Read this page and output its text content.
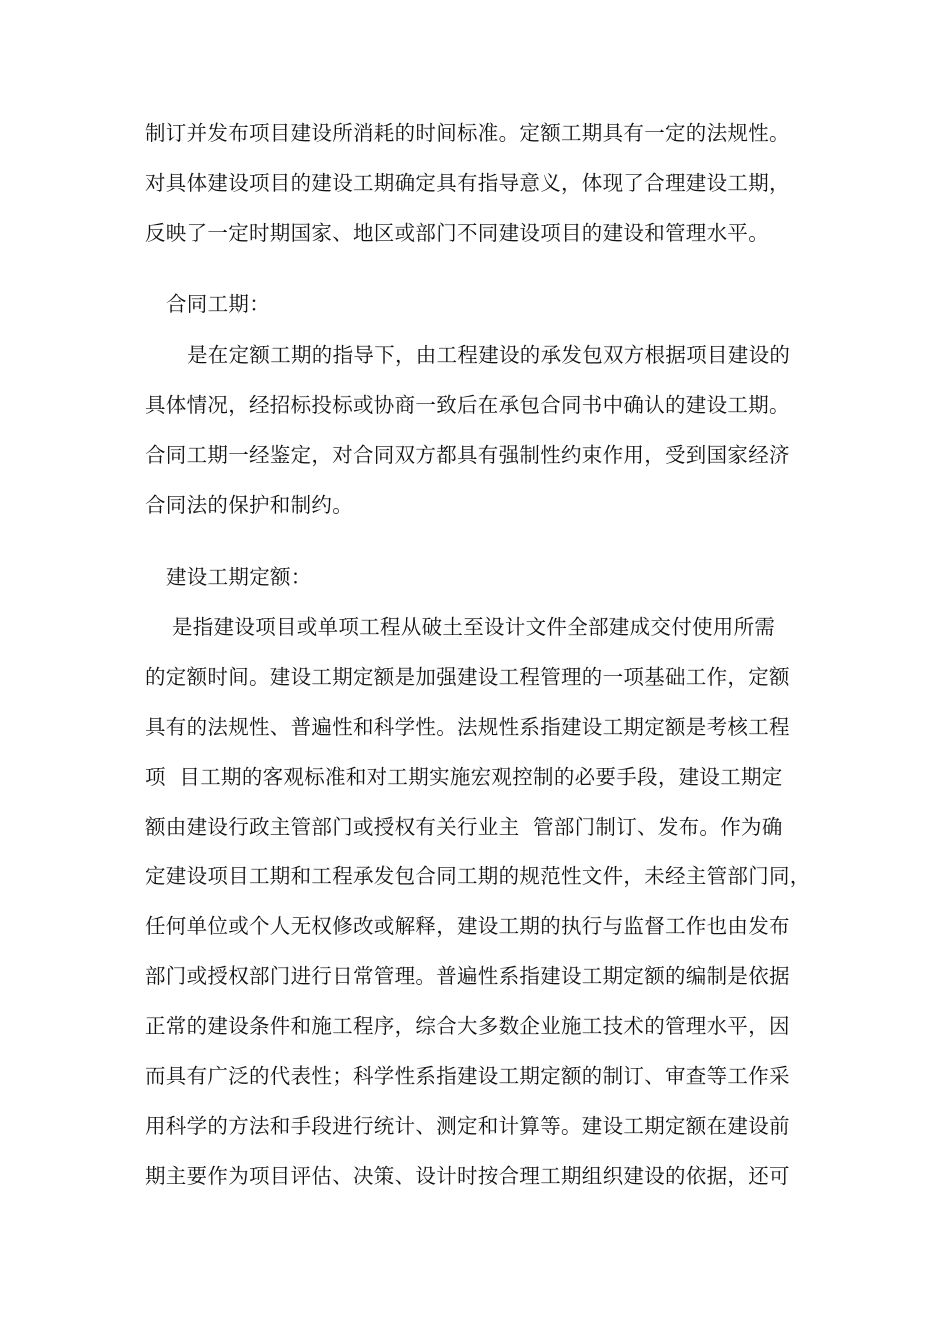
制订并发布项目建设所消耗的时间标准。定额工期具有一定的法规性。
对具体建设项目的建设工期确定具有指导意义，体现了合理建设工期，
反映了一定时期国家、地区或部门不同建设项目的建设和管理水平。
合同工期：
是在定额工期的指导下，由工程建设的承发包双方根据项目建设的
具体情况，经招标投标或协商一致后在承包合同书中确认的建设工期。
合同工期一经鉴定，对合同双方都具有强制性约束作用，受到国家经济
合同法的保护和制约。
建设工期定额：
是指建设项目或单项工程从破土至设计文件全部建成交付使用所需
的定额时间。建设工期定额是加强建设工程管理的一项基础工作，定额
具有的法规性、普遍性和科学性。法规性系指建设工期定额是考核工程
项  目工期的客观标准和对工期实施宏观控制的必要手段，建设工期定
额由建设行政主管部门或授权有关行业主  管部门制订、发布。作为确
定建设项目工期和工程承发包合同工期的规范性文件，未经主管部门同，
任何单位或个人无权修改或解释，建设工期的执行与监督工作也由发布
部门或授权部门进行日常管理。普遍性系指建设工期定额的编制是依据
正常的建设条件和施工程序，综合大多数企业施工技术的管理水平，因
而具有广泛的代表性；科学性系指建设工期定额的制订、审查等工作采
用科学的方法和手段进行统计、测定和计算等。建设工期定额在建设前
期主要作为项目评估、决策、设计时按合理工期组织建设的依据，还可
